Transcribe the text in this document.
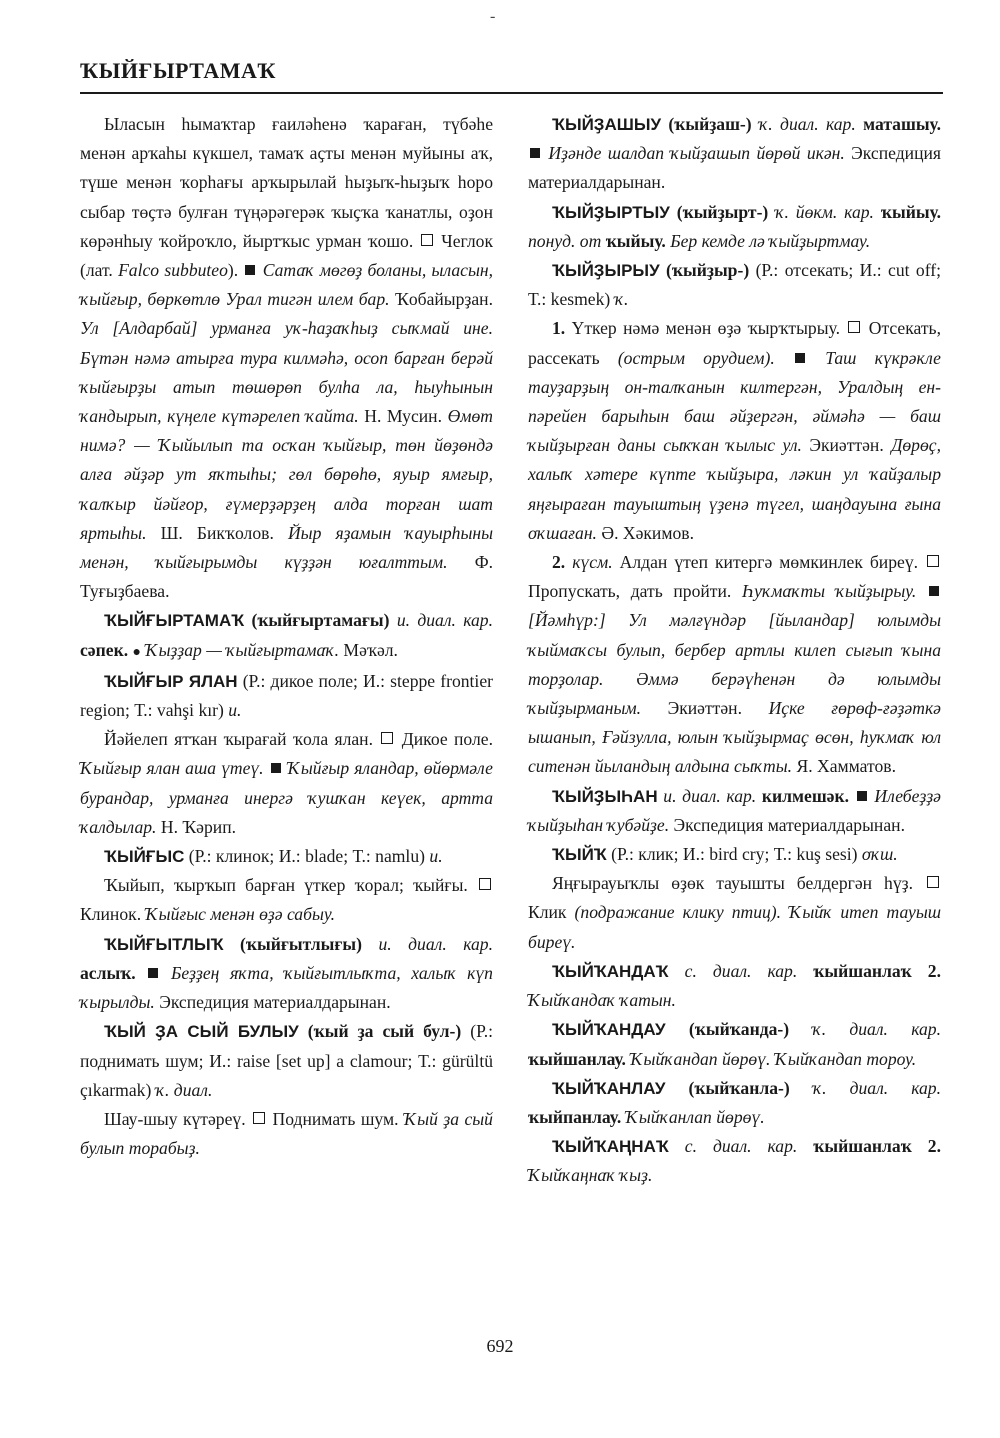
-
ҠЫЙҒЫРТАМАҠ

Ыласын һымаҡтар ғаиләһенә ҡараған, түбәһе менән арҡаһы күкшел, тамаҡ аҫты менән муйыны аҡ, түше менән ҡорһағы арҡырылай һыҙыҡ-һыҙыҡ һоро сыбар төҫтә булған түңәрәгерәк ҡыҫҡа ҡанатлы, оҙон көрәнһыу ҡойроҡло, йыртҡыс урман ҡошо. Чеглок (лат. Falco subbuteo). Сатаҡ мөгөҙ боланы, ыласын, ҡыйғыр, бөркөтлө Урал тигән илем бар. Ҡобайырҙан. Ул [Алдарбай] урманға уҡ-һаҙаҡһыҙ сыҡмай ине. Бүтән нәмә атырға тура килмәһә, осоп барған берәй ҡыйғырҙы атып төшөрөп булһа ла, һыуһынын ҡандырып, күңеле күтәрелеп ҡайта. Н. Мусин. Өмөт нимә? — Ҡыйылып та осҡан ҡыйғыр, төн йөҙөндә алға әйҙәр ут яҡтыһы; гөл бөрөһө, яуыр ямғыр, ҡалҡыр йәйғор, ғүмерҙәрҙең алда торған шат яртыһы. Ш. Бикҡолов. Йыр яҙамын ҡауырһыны менән, ҡыйғырымды күҙҙән юғалттым. Ф. Туғыҙбаева.

ҠЫЙҒЫРТАМАҠ (ҡыйғыртамағы) и. диал. кар. сәпек. ● Ҡыҙҙар — ҡыйғыртамаҡ. Мәҡәл.

ҠЫЙҒЫР ЯЛАН (Р.: дикое поле; И.: steppe frontier region; Т.: vahşi kır) и.

Йәйелеп ятҡан ҡырағай ҡола ялан. Дикое поле. Ҡыйғыр ялан аша үтеү. Ҡыйғыр яландар, өйөрмәле бурандар, урманға инергә ҡушҡан кеүек, артта ҡалдылар. Н. Ҡәрип.

ҠЫЙҒЫС (Р.: клинок; И.: blade; Т.: namlu) и.

Ҡыйып, ҡырҡып барған үткер ҡорал; ҡыйғы.  Клинок. Ҡыйғыс менән өҙә сабыу.

ҠЫЙҒЫТЛЫҠ (ҡыйғытлығы) и. диал. кар. аслыҡ. Беҙҙең яҡта, ҡыйғытлыҡта, халыҡ күп ҡырылды. Экспедиция материалдарынан.

ҠЫЙ ҘА СЫЙ БУЛЫУ (ҡый ҙа сый бул-) (Р.: поднимать шум; И.: raise [set up] a clamour; Т.: gürültü çıkarmak) ҡ. диал.

Шау-шыу күтәреү. Поднимать шум. Ҡый ҙа сый булып торабыҙ.

ҠЫЙҘАШЫУ (ҡыйҙаш-) ҡ. диал. кар. маташыу.  Иҙәнде шалдап ҡыйҙашып йөрөй икән. Экспедиция материалдарынан.

ҠЫЙҘЫРТЫУ (ҡыйҙырт-) ҡ. йөкм. кар. ҡыйыу. понуд. от ҡыйыу. Бер кемде лә ҡыйҙыртмау.

ҠЫЙҘЫРЫУ (ҡыйҙыр-) (Р.: отсекать; И.: cut off; Т.: kesmek) ҡ.

1. Үткер нәмә менән өҙә ҡырҡтырыу. Отсекать, рассекать (острым орудием).	Таш күкрәкле тауҙарҙың он-талҡанын килтергән, Уралдың ен-пәрейен барыһын баш әйҙергән, әймәһә — баш ҡыйҙырған даны сыҡҡан ҡылыс ул. Экиәттән. Дөрөҫ, халыҡ хәтере күпте ҡыйҙыра, ләкин ул ҡайҙалыр яңғыраған тауыштың үҙенә түгел, шаңдауына ғына оҡшаған. Ә. Хәкимов.

2. күсм. Алдан үтеп китергә мөмкинлек биреү.  Пропускать, дать пройти. Һуҡмаҡты ҡыйҙырыу.  [Йәмһүр:] Ул мәлғүндәр [йыландар] юлымды ҡыймаҡсы булып, бербер артлы килеп сығып ҡына торҙолар. Әммә берәүһенән дә юлымды ҡыйҙырманым. Экиәттән. Иҫке ғөрөф-ғәҙәткә ышанып, Ғәйзулла, юлын ҡыйҙырмаҫ өсөн, һуҡмаҡ юл ситенән йыландың алдына сыҡты. Я. Хамматов.

ҠЫЙҘЫҺАН и. диал. кар. килмешәк. Илебеҙҙә ҡыйҙыһан ҡубәйҙе. Экспедиция материалдарынан.

ҠЫЙҠ (Р.: клик; И.: bird cry; Т.: kuş sesi) оҡш.

Яңғырауыҡлы өҙөк тауышты белдергән һүҙ.  Клик (подражание клику птиц). Ҡыйҡ итеп тауыш биреү.

ҠЫЙҠАНДАҠ с. диал. кар. ҡыйшанлаҡ 2. Ҡыйҡандаҡ ҡатын.

ҠЫЙҠАНДАУ (ҡыйҡанда-) ҡ. диал. кар. ҡыйшанлау. Ҡыйҡандап йөрөү. Ҡыйҡандап тороу.

ҠЫЙҠАНЛАУ (ҡыйҡанла-) ҡ. диал. кар. ҡыйпанлау. Ҡыйҡанлап йөрөү.

ҠЫЙҠАҢНАҠ с. диал. кар. ҡыйшанлаҡ 2. Ҡыйҡаңнаҡ ҡыҙ.

692
